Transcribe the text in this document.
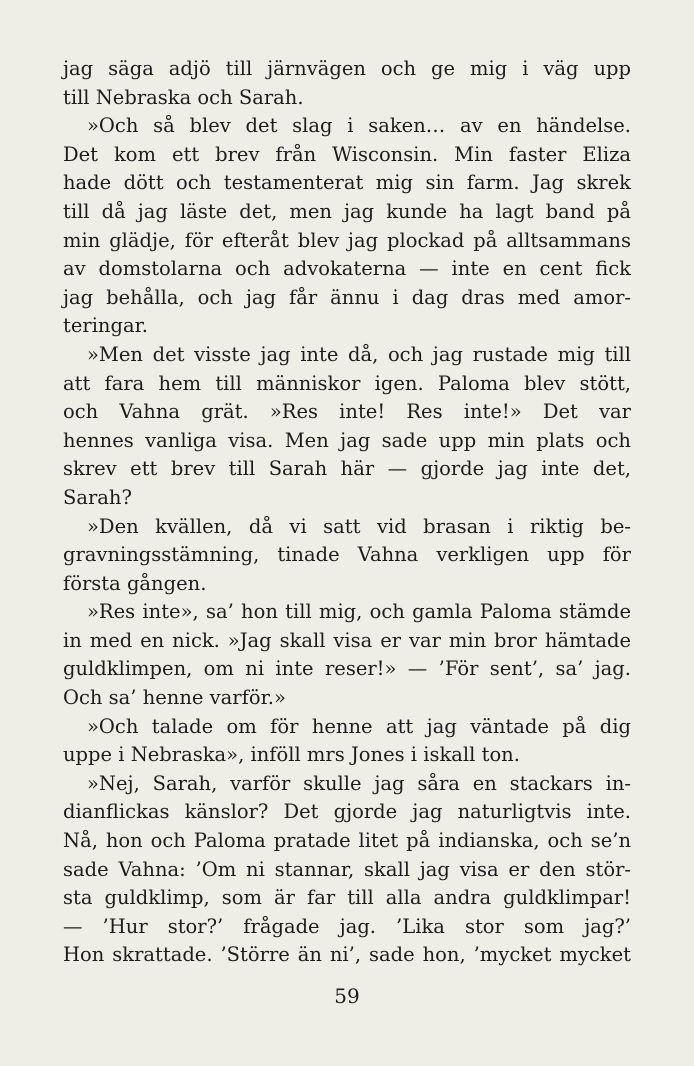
jag säga adjö till järnvägen och ge mig i väg upp
till Nebraska och Sarah.
»Och så blev det slag i saken… av en händelse.
Det kom ett brev från Wisconsin. Min faster Eliza
hade dött och testamenterat mig sin farm. Jag skrek
till då jag läste det, men jag kunde ha lagt band på
min glädje, för efteråt blev jag plockad på alltsammans
av domstolarna och advokaterna — inte en cent fick
jag behålla, och jag får ännu i dag dras med amor-
teringar.
»Men det visste jag inte då, och jag rustade mig till
att fara hem till människor igen. Paloma blev stött,
och Vahna grät. »Res inte! Res inte!» Det var
hennes vanliga visa. Men jag sade upp min plats och
skrev ett brev till Sarah här — gjorde jag inte det,
Sarah?
»Den kvällen, då vi satt vid brasan i riktig be-
gravningsstämning, tinade Vahna verkligen upp för
första gången.
»Res inte», sa’ hon till mig, och gamla Paloma stämde
in med en nick. »Jag skall visa er var min bror hämtade
guldklimpen, om ni inte reser!» — ’För sent’, sa’ jag.
Och sa’ henne varför.»
»Och talade om för henne att jag väntade på dig
uppe i Nebraska», inföll mrs Jones i iskall ton.
»Nej, Sarah, varför skulle jag såra en stackars in-
dianflickas känslor? Det gjorde jag naturligtvis inte.
Nå, hon och Paloma pratade litet på indianska, och se’n
sade Vahna: ’Om ni stannar, skall jag visa er den stör-
sta guldklimp, som är far till alla andra guldklimpar!
— ’Hur stor?’ frågade jag. ’Lika stor som jag?’
Hon skrattade. ’Större än ni’, sade hon, ’mycket mycket
59
